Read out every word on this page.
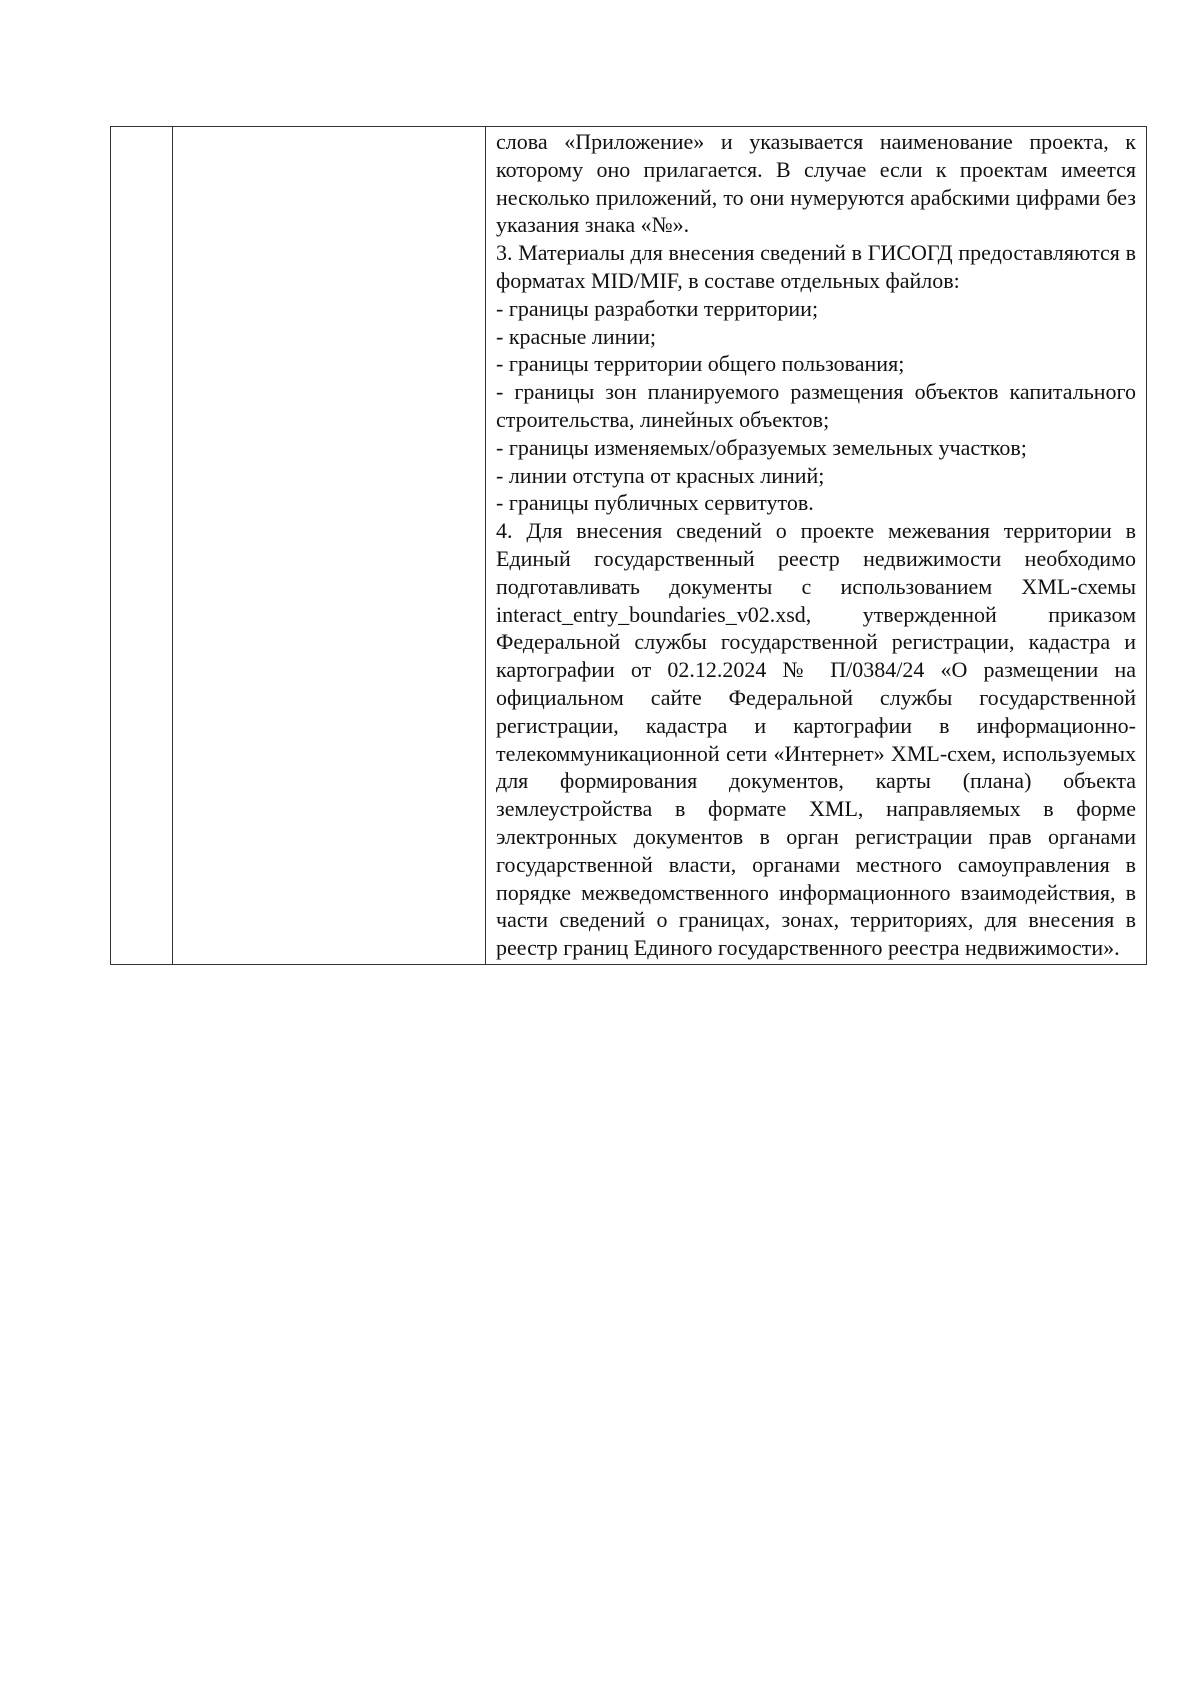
слова «Приложение» и указывается наименование проекта, к которому оно прилагается. В случае если к проектам имеется несколько приложений, то они нумеруются арабскими цифрами без указания знака «№».

3. Материалы для внесения сведений в ГИСОГД предоставляются в форматах MID/MIF, в составе отдельных файлов:

- границы разработки территории;

- красные линии;

- границы территории общего пользования;

- границы зон планируемого размещения объектов капитального строительства, линейных объектов;

- границы изменяемых/образуемых земельных участков;

- линии отступа от красных линий;

- границы публичных сервитутов.

4. Для внесения сведений о проекте межевания территории в Единый государственный реестр недвижимости необходимо подготавливать документы с использованием XML-схемы interact_entry_boundaries_v02.xsd, утвержденной приказом Федеральной службы государственной регистрации, кадастра и картографии от 02.12.2024 № П/0384/24 «О размещении на официальном сайте Федеральной службы государственной регистрации, кадастра и картографии в информационно-телекоммуникационной сети «Интернет» XML-схем, используемых для формирования документов, карты (плана) объекта землеустройства в формате XML, направляемых в форме электронных документов в орган регистрации прав органами государственной власти, органами местного самоуправления в порядке межведомственного информационного взаимодействия, в части сведений о границах, зонах, территориях, для внесения в реестр границ Единого государственного реестра недвижимости».
